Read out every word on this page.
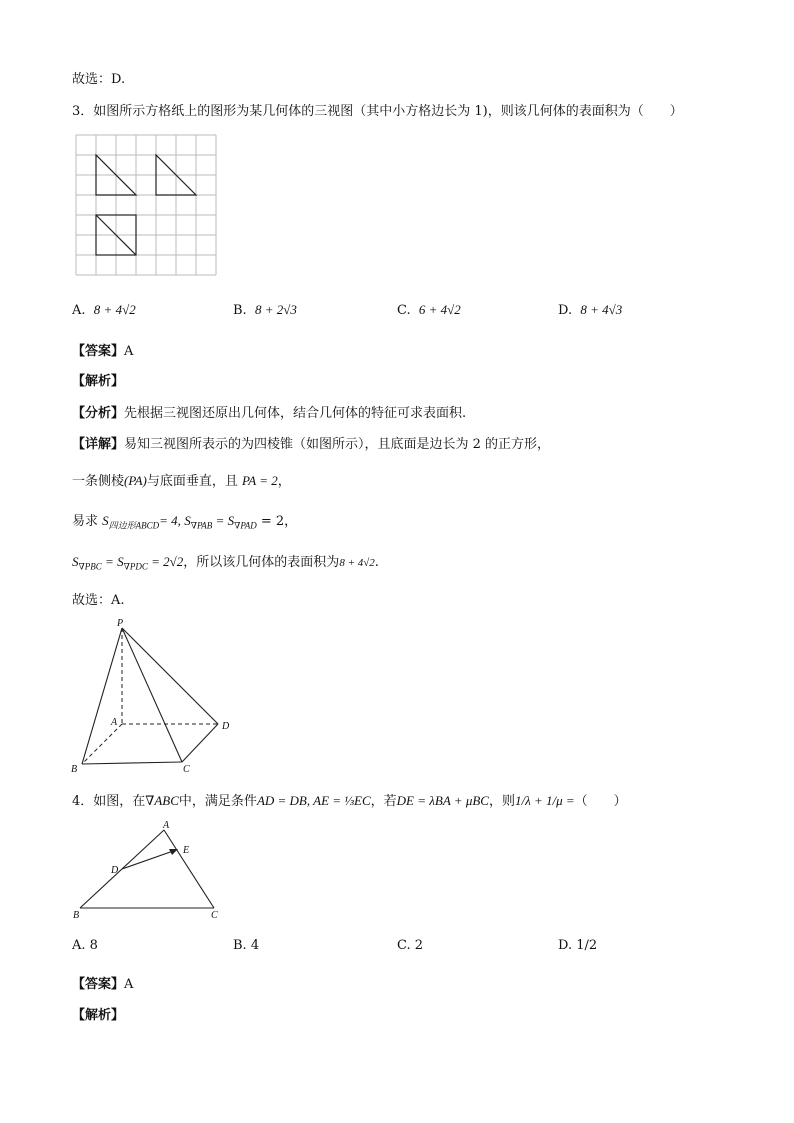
故选：D.
3．如图所示方格纸上的图形为某几何体的三视图（其中小方格边长为 1)，则该几何体的表面积为（　　）
A. 8 + 4√2	B. 8 + 2√3	C. 6 + 4√2	D. 8 + 4√3
【答案】A
【解析】
【分析】先根据三视图还原出几何体，结合几何体的特征可求表面积.
【详解】易知三视图所表示的为四棱锥（如图所示），且底面是边长为 2 的正方形，
一条侧棱(PA)与底面垂直，且 PA = 2，
易求 $S_{四边形ABCD}= 4$, $S_{\nabla PAB} = S_{\nabla PAD} = 2$，
$S_{\nabla PBC} = S_{\nabla PDC} = 2√2$，所以该几何体的表面积为8 + 4√2.
故选：A.
P
A
B	C
D
4．如图，在∇ABC中，满足条件AD = DB, AE = ⅓EC，若DE = λBA + μBC，则1/λ + 1/μ =（　　）
A
B	C
D
E
A. 8	B. 4	C. 2	D. 1/2
【答案】A
【解析】
